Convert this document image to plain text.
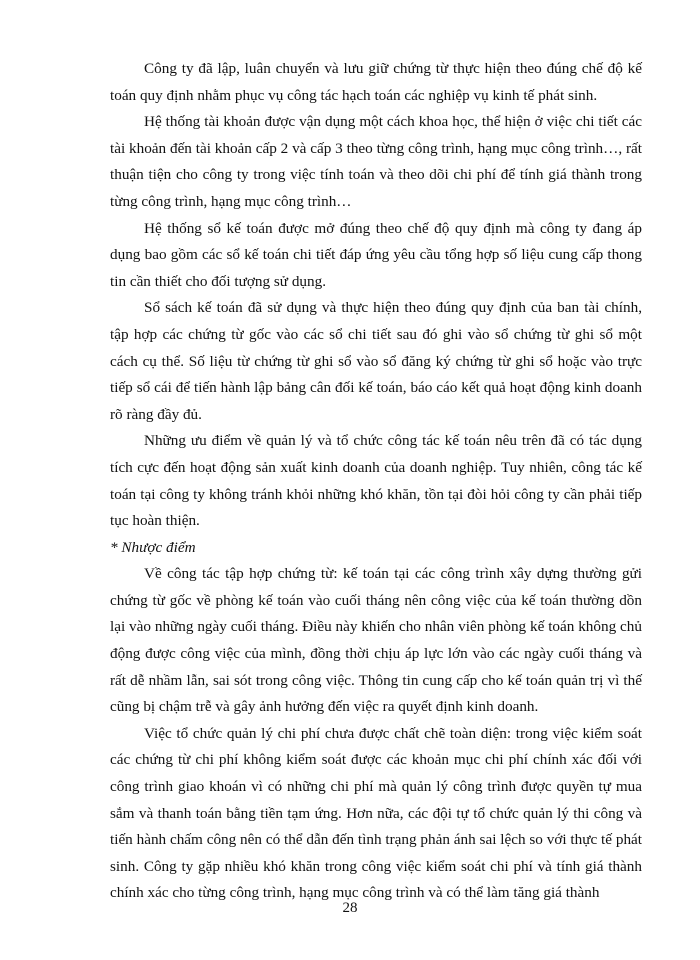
Công ty đã lập, luân chuyển và lưu giữ chứng từ thực hiện theo đúng chế độ kế toán quy định nhằm phục vụ công tác hạch toán các nghiệp vụ kinh tế phát sinh.

Hệ thống tài khoản được vận dụng một cách khoa học, thể hiện ở việc chi tiết các tài khoản đến tài khoản cấp 2 và cấp 3 theo từng công trình, hạng mục công trình…, rất thuận tiện cho công ty trong việc tính toán và theo dõi chi phí để tính giá thành trong từng công trình, hạng mục công trình…

Hệ thống sổ kế toán được mở đúng theo chế độ quy định mà công ty đang áp dụng bao gồm các sổ kế toán chi tiết đáp ứng yêu cầu tổng hợp số liệu cung cấp thong tin cần thiết cho đối tượng sử dụng.

Sổ sách kế toán đã sử dụng và thực hiện theo đúng quy định của ban tài chính, tập hợp các chứng từ gốc vào các sổ chi tiết sau đó ghi vào sổ chứng từ ghi sổ một cách cụ thể. Số liệu từ chứng từ ghi sổ vào sổ đăng ký chứng từ ghi sổ hoặc vào trực tiếp sổ cái để tiến hành lập bảng cân đối kế toán, báo cáo kết quả hoạt động kinh doanh rõ ràng đầy đủ.

Những ưu điểm về quản lý và tổ chức công tác kế toán nêu trên đã có tác dụng tích cực đến hoạt động sản xuất kinh doanh của doanh nghiệp. Tuy nhiên, công tác kế toán tại công ty không tránh khỏi những khó khăn, tồn tại đòi hỏi công ty cần phải tiếp tục hoàn thiện.

* Nhược điểm

Về công tác tập hợp chứng từ: kế toán tại các công trình xây dựng thường gửi chứng từ gốc về phòng kế toán vào cuối tháng nên công việc của kế toán thường dồn lại vào những ngày cuối tháng. Điều này khiến cho nhân viên phòng kế toán không chủ động được công việc của mình, đồng thời chịu áp lực lớn vào các ngày cuối tháng và rất dễ nhầm lẫn, sai sót trong công việc. Thông tin cung cấp cho kế toán quản trị vì thế cũng bị chậm trễ và gây ảnh hưởng đến việc ra quyết định kinh doanh.

Việc tổ chức quản lý chi phí chưa được chất chẽ toàn diện: trong việc kiểm soát các chứng từ chi phí không kiểm soát được các khoản mục chi phí chính xác đối với công trình giao khoán vì có những chi phí mà quản lý công trình được quyền tự mua sắm và thanh toán bằng tiền tạm ứng. Hơn nữa, các đội tự tổ chức quản lý thi công và tiến hành chấm công nên có thể dẫn đến tình trạng phản ánh sai lệch so với thực tế phát sinh. Công ty gặp nhiều khó khăn trong công việc kiểm soát chi phí và tính giá thành chính xác cho từng công trình, hạng mục công trình và có thể làm tăng giá thành

28
